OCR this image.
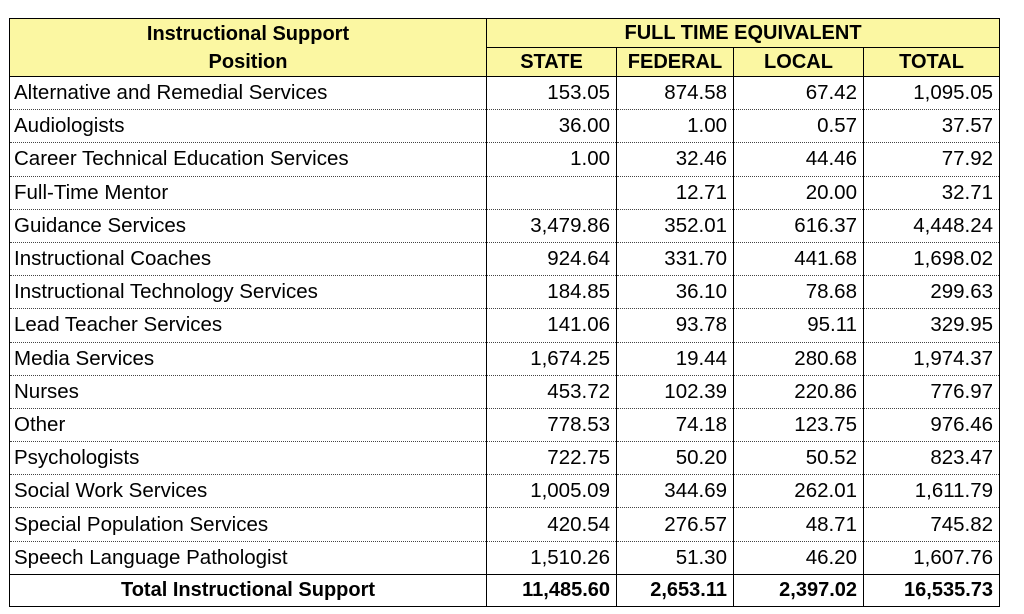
Instructional Support
Position	FULL TIME EQUIVALENT			
	STATE	FEDERAL	LOCAL	TOTAL
Alternative and Remedial Services	153.05	874.58	67.42	1,095.05
Audiologists	36.00	1.00	0.57	37.57
Career Technical Education Services	1.00	32.46	44.46	77.92
Full-Time Mentor		12.71	20.00	32.71
Guidance Services	3,479.86	352.01	616.37	4,448.24
Instructional Coaches	924.64	331.70	441.68	1,698.02
Instructional Technology Services	184.85	36.10	78.68	299.63
Lead Teacher Services	141.06	93.78	95.11	329.95
Media Services	1,674.25	19.44	280.68	1,974.37
Nurses	453.72	102.39	220.86	776.97
Other	778.53	74.18	123.75	976.46
Psychologists	722.75	50.20	50.52	823.47
Social Work Services	1,005.09	344.69	262.01	1,611.79
Special Population Services	420.54	276.57	48.71	745.82
Speech Language Pathologist	1,510.26	51.30	46.20	1,607.76
Total Instructional Support	11,485.60	2,653.11	2,397.02	16,535.73
